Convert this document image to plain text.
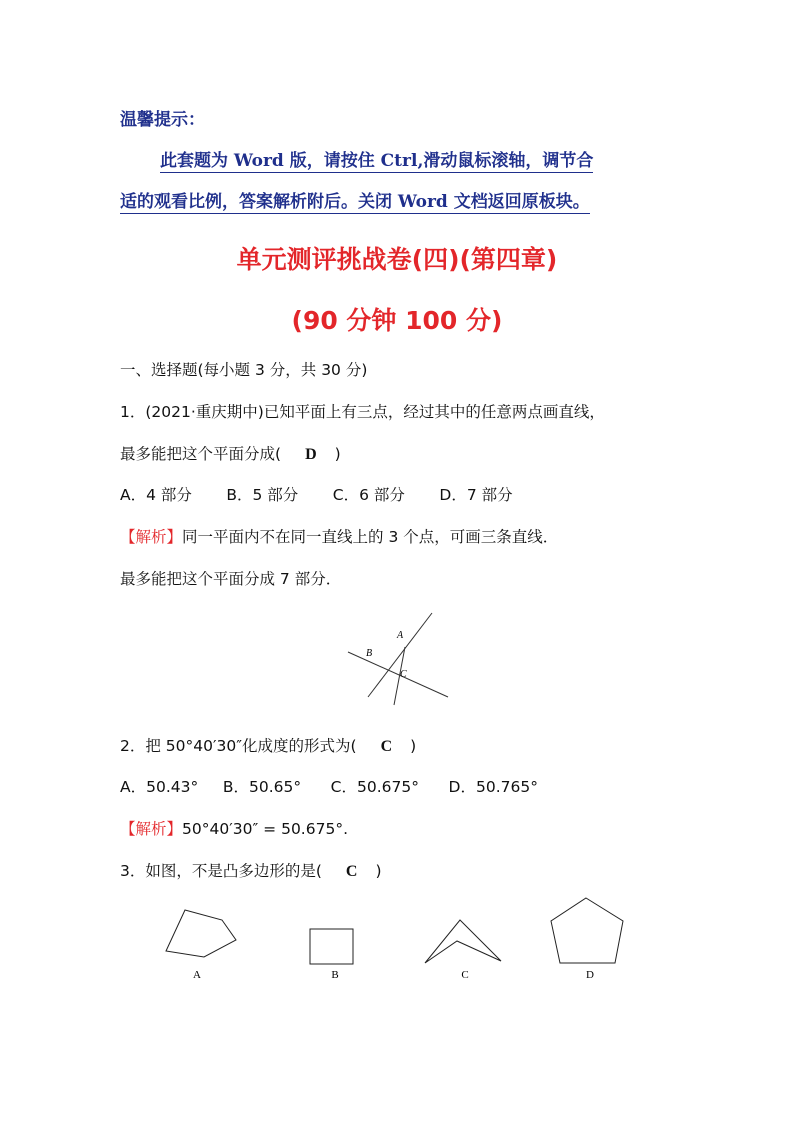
温馨提示：
此套题为 Word 版，请按住 Ctrl,滑动鼠标滚轴，调节合
适的观看比例，答案解析附后。关闭 Word 文档返回原板块。
单元测评挑战卷(四)(第四章)
(90 分钟 100 分)
一、选择题(每小题 3 分，共 30 分)
1．(2021·重庆期中)已知平面上有三点，经过其中的任意两点画直线，
最多能把这个平面分成( D )
A．4 部分       B．5 部分       C．6 部分       D．7 部分
【解析】同一平面内不在同一直线上的 3 个点，可画三条直线．
最多能把这个平面分成 7 部分．
A
B
C
2．把 50°40′30″化成度的形式为( C )
A．50.43°     B．50.65°      C．50.675°      D．50.765°
【解析】50°40′30″ = 50.675°.
3．如图，不是凸多边形的是( C )
A	B	C	D
